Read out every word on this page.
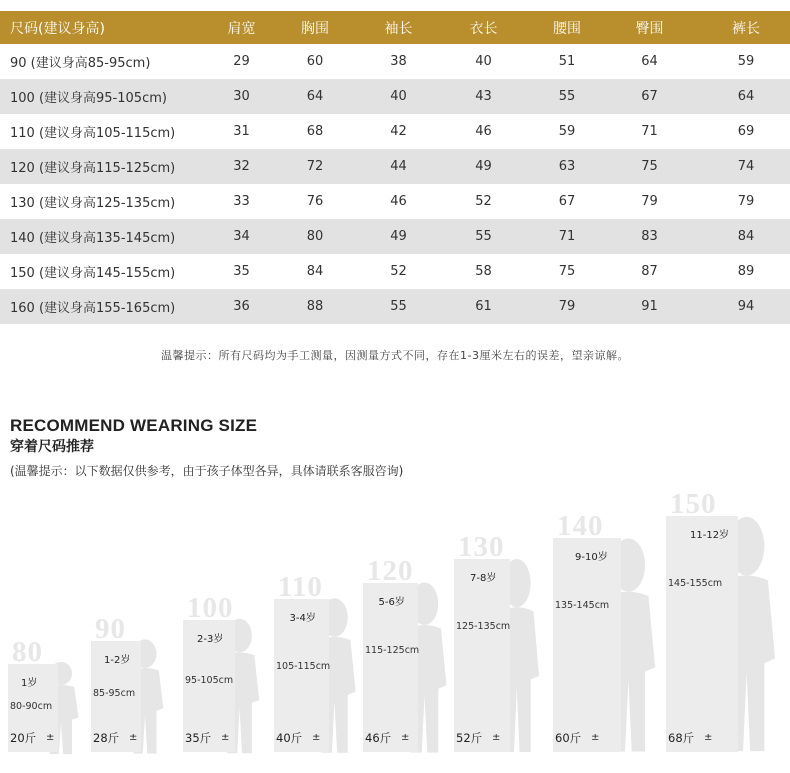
尺码(建议身高)	肩宽	胸围	袖长	衣长	腰围	臀围	裤长
90 (建议身高85-95cm)	29	60	38	40	51	64	59
100 (建议身高95-105cm)	30	64	40	43	55	67	64
110 (建议身高105-115cm)	31	68	42	46	59	71	69
120 (建议身高115-125cm)	32	72	44	49	63	75	74
130 (建议身高125-135cm)	33	76	46	52	67	79	79
140 (建议身高135-145cm)	34	80	49	55	71	83	84
150 (建议身高145-155cm)	35	84	52	58	75	87	89
160 (建议身高155-165cm)	36	88	55	61	79	91	94
温馨提示：所有尺码均为手工测量，因测量方式不同，存在1-3厘米左右的误差，望亲谅解。
RECOMMEND WEARING SIZE
穿着尺码推荐
(温馨提示：以下数据仅供参考，由于孩子体型各异，具体请联系客服咨询)
80
1岁
80-90cm
20斤 ±
90
1-2岁
85-95cm
28斤 ±
100
2-3岁
95-105cm
35斤 ±
110
3-4岁
105-115cm
40斤 ±
120
5-6岁
115-125cm
46斤 ±
130
7-8岁
125-135cm
52斤 ±
140
9-10岁
135-145cm
60斤 ±
150
11-12岁
145-155cm
68斤 ±
